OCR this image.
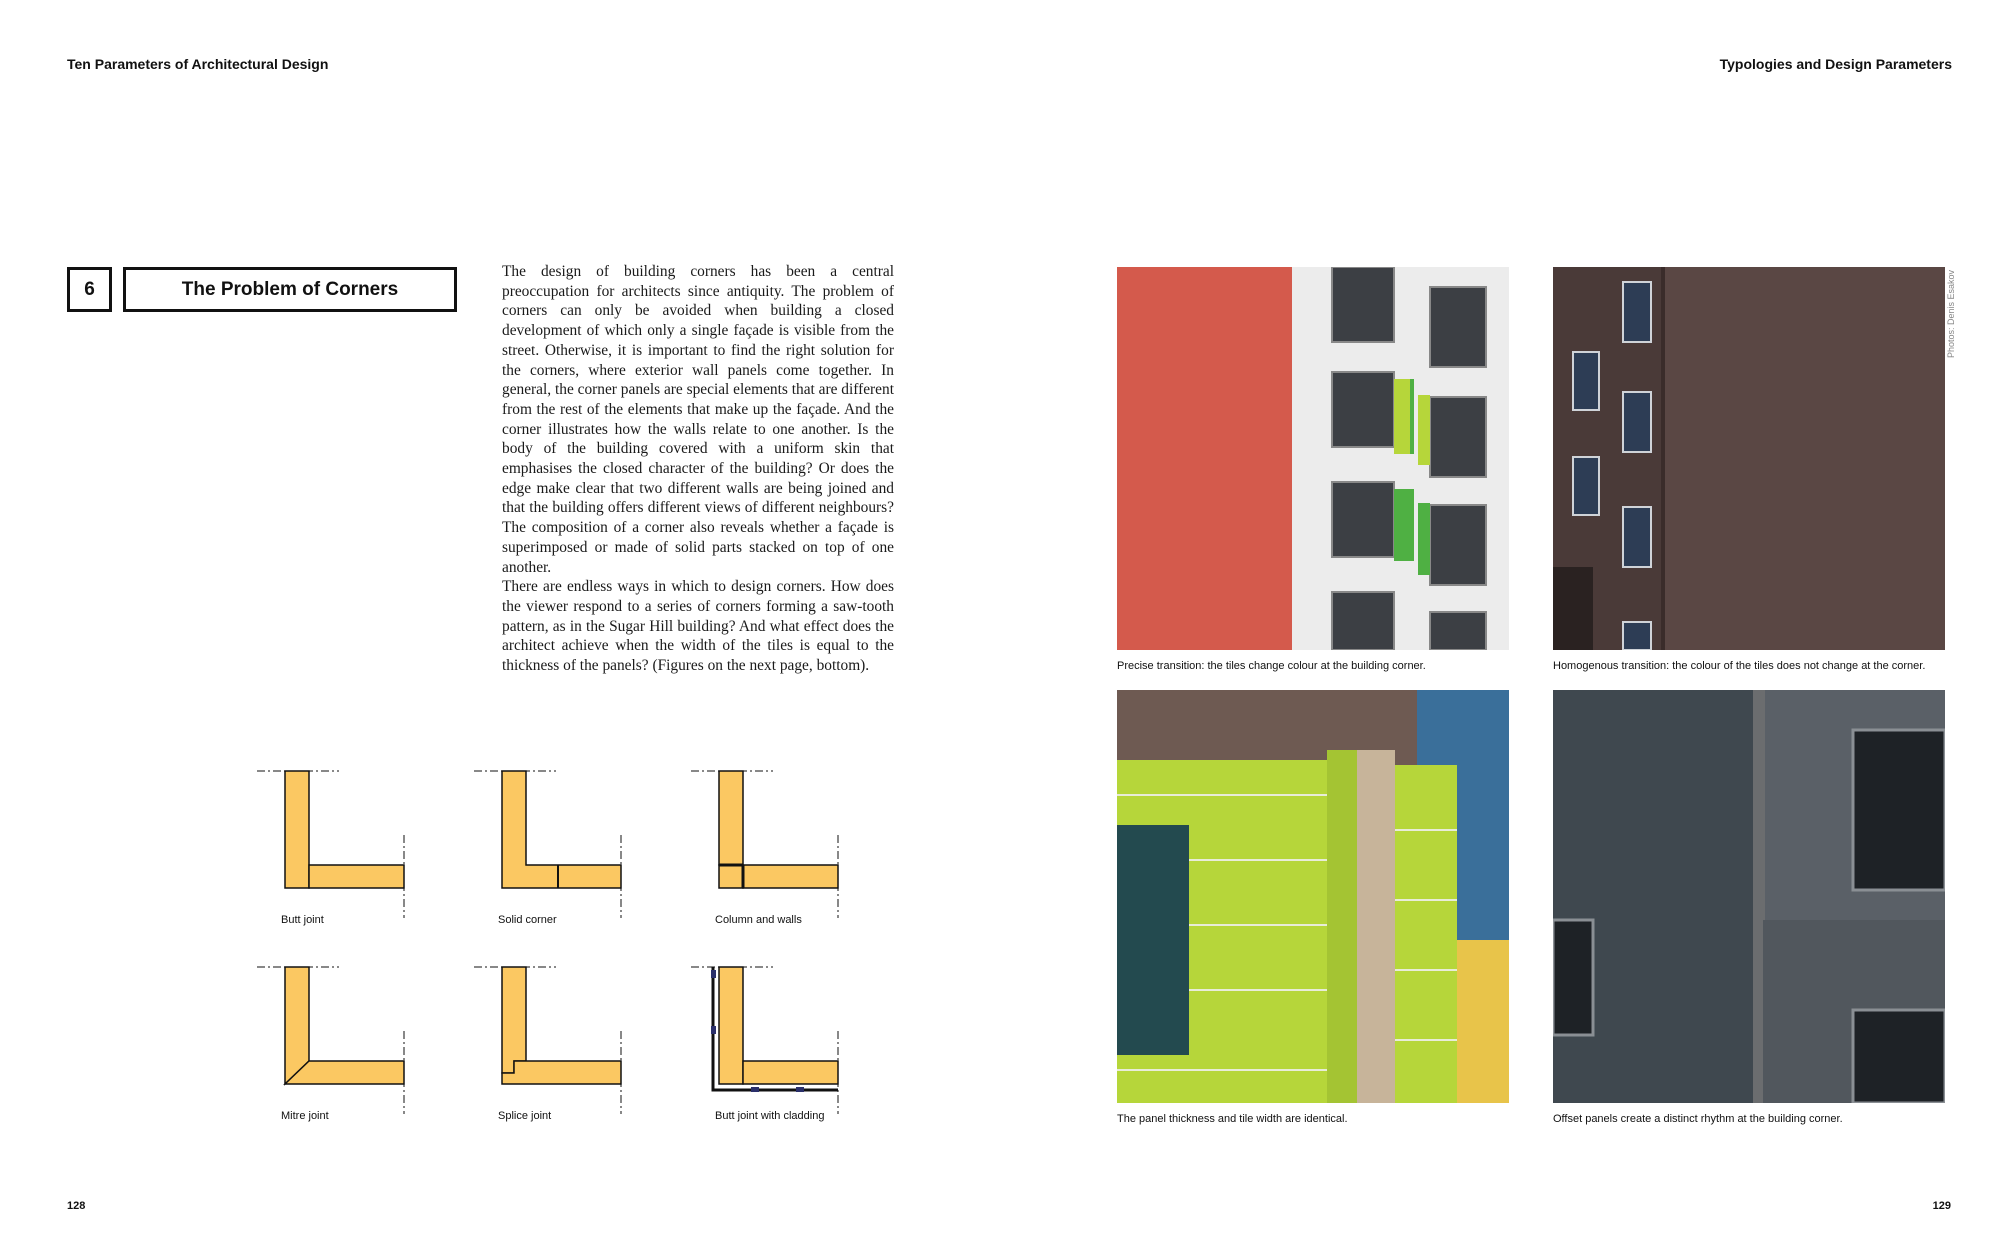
Ten Parameters of Architectural Design	Typologies and Design Parameters
6	The Problem of Corners

The design of building corners has been a central preoccupation for architects since antiquity. The problem of corners can only be avoided when building a closed development of which only a single façade is visible from the street. Otherwise, it is important to find the right solution for the corners, where exterior wall panels come together. In general, the corner panels are special elements that are different from the rest of the elements that make up the façade. And the corner illustrates how the walls relate to one another. Is the body of the building covered with a uniform skin that emphasises the closed character of the building? Or does the edge make clear that two different walls are being joined and that the building offers different views of different neighbours? The composition of a corner also reveals whether a façade is superimposed or made of solid parts stacked on top of one another.

There are endless ways in which to design corners. How does the viewer respond to a series of corners forming a saw-tooth pattern, as in the Sugar Hill building? And what effect does the architect achieve when the width of the tiles is equal to the thickness of the panels? (Figures on the next page, bottom).

Butt joint	Solid corner	Column and walls
Mitre joint	Splice joint	Butt joint with cladding
Precise transition: the tiles change colour at the building corner.	Homogenous transition: the colour of the tiles does not change at the corner.
The panel thickness and tile width are identical.	Offset panels create a distinct rhythm at the building corner.
Photos: Denis Esakov
128	129
